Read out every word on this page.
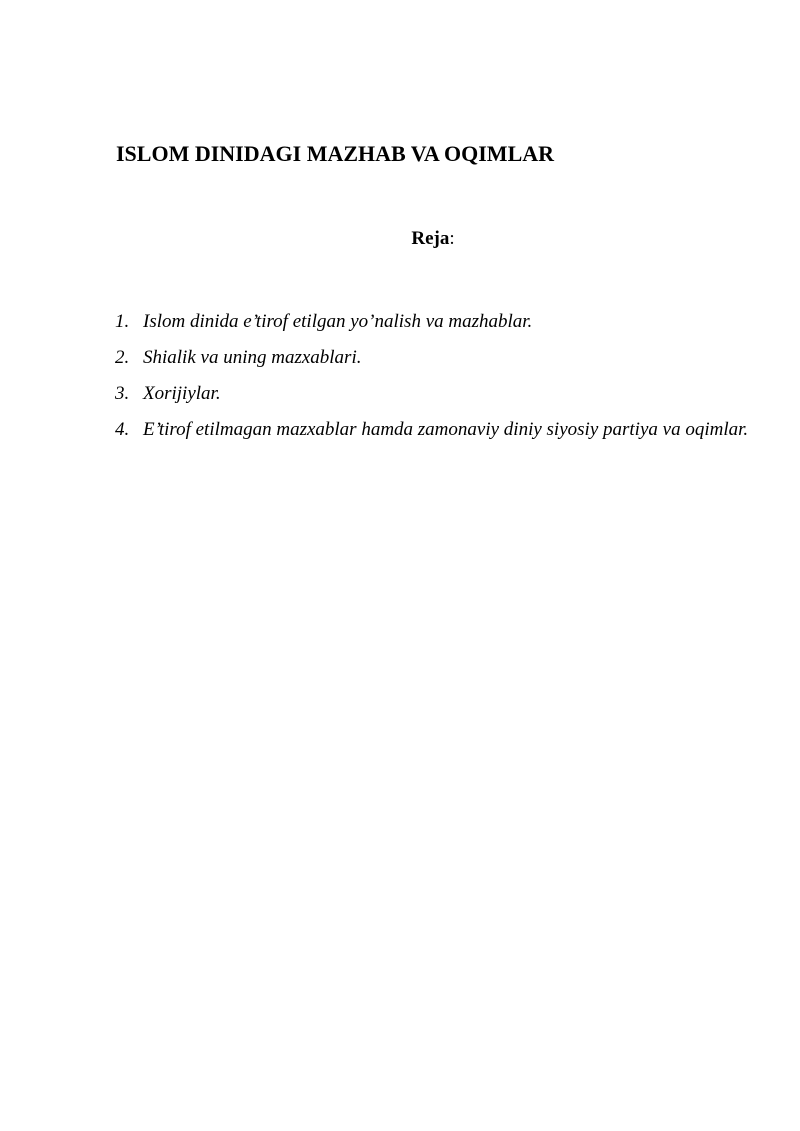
ISLOM DINIDAGI MAZHAB VA OQIMLAR

Reja:

1. Islom dinida e’tirof etilgan yo’nalish va mazhablar.
2. Shialik va uning mazxablari.
3. Xorijiylar.
4. E’tirof etilmagan mazxablar hamda zamonaviy diniy siyosiy partiya va oqimlar.
